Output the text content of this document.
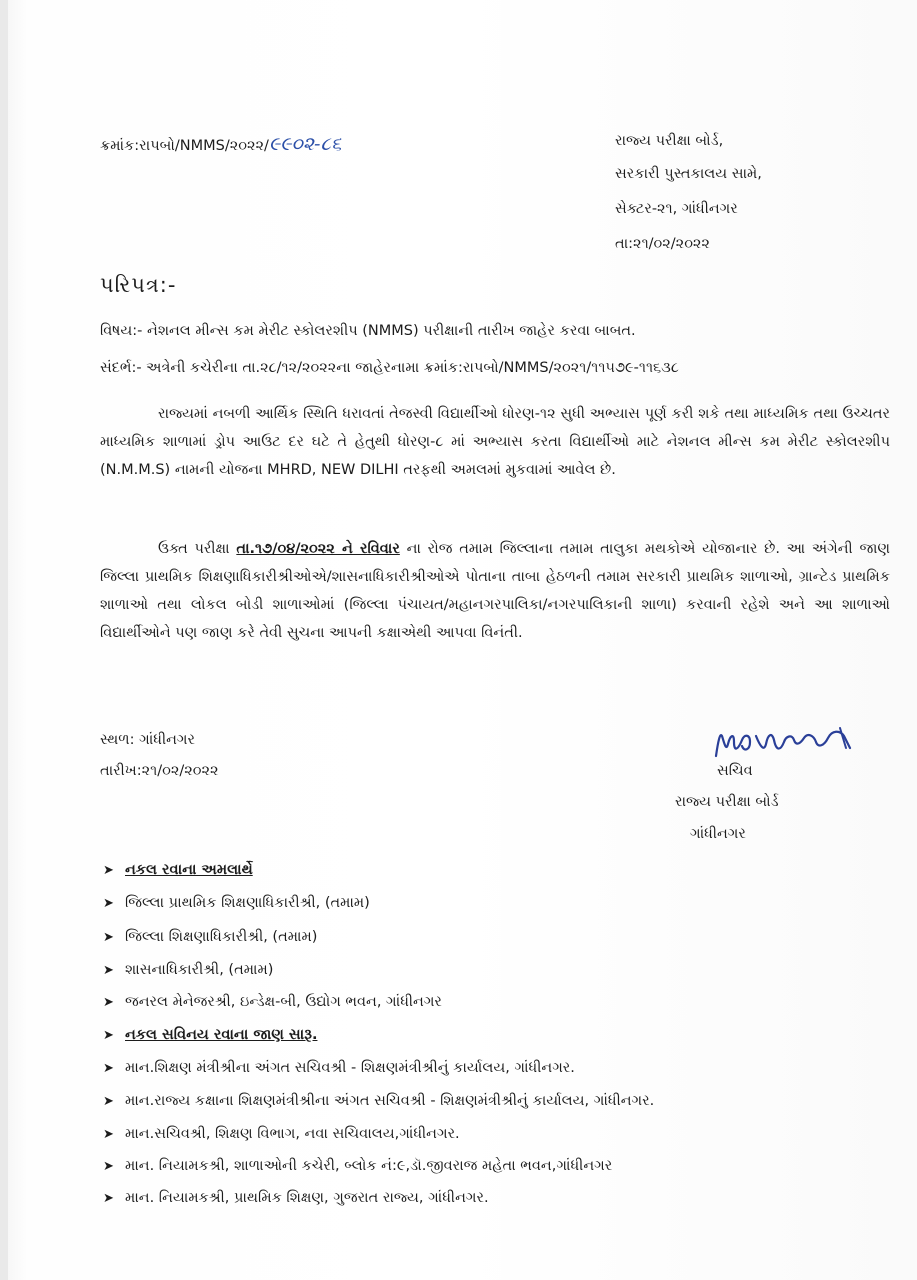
ક્રમાંક:રાપબો/NMMS/૨૦૨૨/૯૯૦૨-૮૬	રાજ્ય પરીક્ષા બોર્ડ,
સરકારી પુસ્તકાલય સામે,
સેક્ટર-૨૧, ગાંધીનગર
તા:૨૧/૦૨/૨૦૨૨
પરિપત્ર:-
વિષય:- નેશનલ મીન્સ કમ મેરીટ સ્કોલરશીપ (NMMS) પરીક્ષાની તારીખ જાહેર કરવા બાબત.
સંદર્ભ:- અત્રેની કચેરીના તા.૨૮/૧૨/૨૦૨૨ના જાહેરનામા ક્રમાંક:રાપબો/NMMS/૨૦૨૧/૧૧૫૭૯-૧૧૬૩૮
રાજ્યમાં નબળી આર્થિક સ્થિતિ ધરાવતાં તેજસ્વી વિદ્યાર્થીઓ ધોરણ-૧૨ સુધી અભ્યાસ પૂર્ણ કરી શકે તથા માધ્યમિક તથા ઉચ્ચતર માધ્યમિક શાળામાં ડ્રોપ આઉટ દર ઘટે તે હેતુથી ધોરણ-૮ માં અભ્યાસ કરતા વિદ્યાર્થીઓ માટે નેશનલ મીન્સ કમ મેરીટ સ્કોલરશીપ (N.M.M.S) નામની યોજના MHRD, NEW DILHI તરફથી અમલમાં મુકવામાં આવેલ છે.
ઉક્ત પરીક્ષા તા.૧૭/૦૪/૨૦૨૨ ને રવિવાર ના રોજ તમામ જિલ્લાના તમામ તાલુકા મથકોએ યોજાનાર છે. આ અંગેની જાણ જિલ્લા પ્રાથમિક શિક્ષણાધિકારીશ્રીઓએ/શાસનાધિકારીશ્રીઓએ પોતાના તાબા હેઠળની તમામ સરકારી પ્રાથમિક શાળાઓ, ગ્રાન્ટેડ પ્રાથમિક શાળાઓ તથા લોકલ બોડી શાળાઓમાં (જિલ્લા પંચાયત/મહાનગરપાલિકા/નગરપાલિકાની શાળા) કરવાની રહેશે અને આ શાળાઓ વિદ્યાર્થીઓને પણ જાણ કરે તેવી સુચના આપની કક્ષાએથી આપવા વિનંતી.
સ્થળ: ગાંધીનગર
તારીખ:૨૧/૦૨/૨૦૨૨	સચિવ
રાજ્ય પરીક્ષા બોર્ડ
ગાંધીનગર
➤ નકલ રવાના અમલાર્થે
➤ જિલ્લા પ્રાથમિક શિક્ષણાધિકારીશ્રી, (તમામ)
➤ જિલ્લા શિક્ષણાધિકારીશ્રી, (તમામ)
➤ શાસનાધિકારીશ્રી, (તમામ)
➤ જનરલ મેનેજરશ્રી, ઇન્ડેક્ષ-બી, ઉદ્યોગ ભવન, ગાંધીનગર
➤ નકલ સવિનય રવાના જાણ સારૂ.
➤ માન.શિક્ષણ મંત્રીશ્રીના અંગત સચિવશ્રી - શિક્ષણમંત્રીશ્રીનું કાર્યાલય, ગાંધીનગર.
➤ માન.રાજ્ય કક્ષાના શિક્ષણમંત્રીશ્રીના અંગત સચિવશ્રી - શિક્ષણમંત્રીશ્રીનું કાર્યાલય, ગાંધીનગર.
➤ માન.સચિવશ્રી, શિક્ષણ વિભાગ, નવા સચિવાલય,ગાંધીનગર.
➤ માન. નિયામકશ્રી, શાળાઓની કચેરી, બ્લોક નં:૯,ડૉ.જીવરાજ મહેતા ભવન,ગાંધીનગર
➤ માન. નિયામકશ્રી, પ્રાથમિક શિક્ષણ, ગુજરાત રાજ્ય, ગાંધીનગર.
